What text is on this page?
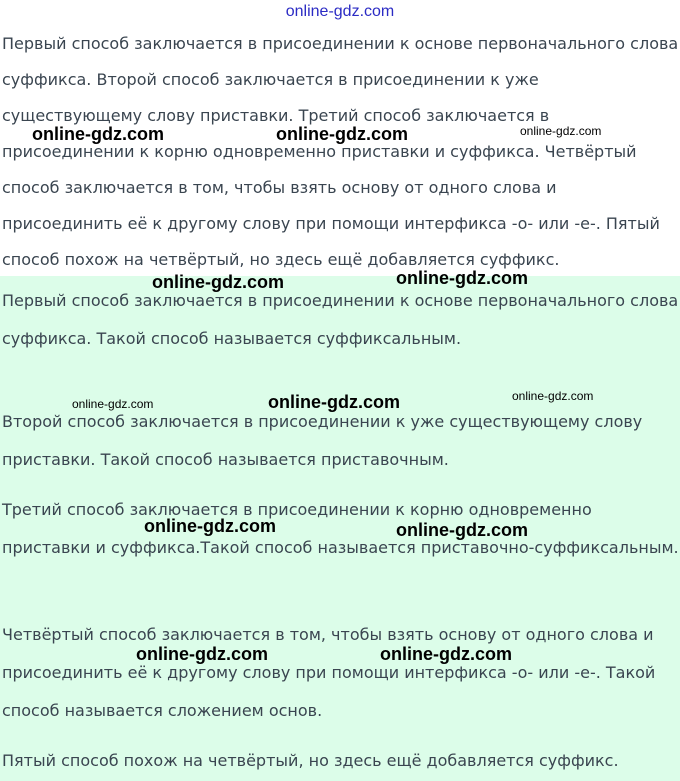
online-gdz.com

Первый способ заключается в присоединении к основе первоначального слова суффикса. Второй способ заключается в присоединении к уже существующему слову приставки. Третий способ заключается в присоединении к корню одновременно приставки и суффикса. Четвёртый способ заключается в том, чтобы взять основу от одного слова и присоединить её к другому слову при помощи интерфикса -о- или -е-. Пятый способ похож на четвёртый, но здесь ещё добавляется суффикс.

Первый способ заключается в присоединении к основе первоначального слова суффикса. Такой способ называется суффиксальным.

Второй способ заключается в присоединении к уже существующему слову приставки. Такой способ называется приставочным.

Третий способ заключается в присоединении к корню одновременно приставки и суффикса.Такой способ называется приставочно-суффиксальным.

Четвёртый способ заключается в том, чтобы взять основу от одного слова и присоединить её к другому слову при помощи интерфикса -о- или -е-. Такой способ называется сложением основ.

Пятый способ похож на четвёртый, но здесь ещё добавляется суффикс.

online-gdz.com	online-gdz.com	online-gdz.com
online-gdz.com	online-gdz.com
online-gdz.com	online-gdz.com	online-gdz.com
online-gdz.com	online-gdz.com
online-gdz.com	online-gdz.com
